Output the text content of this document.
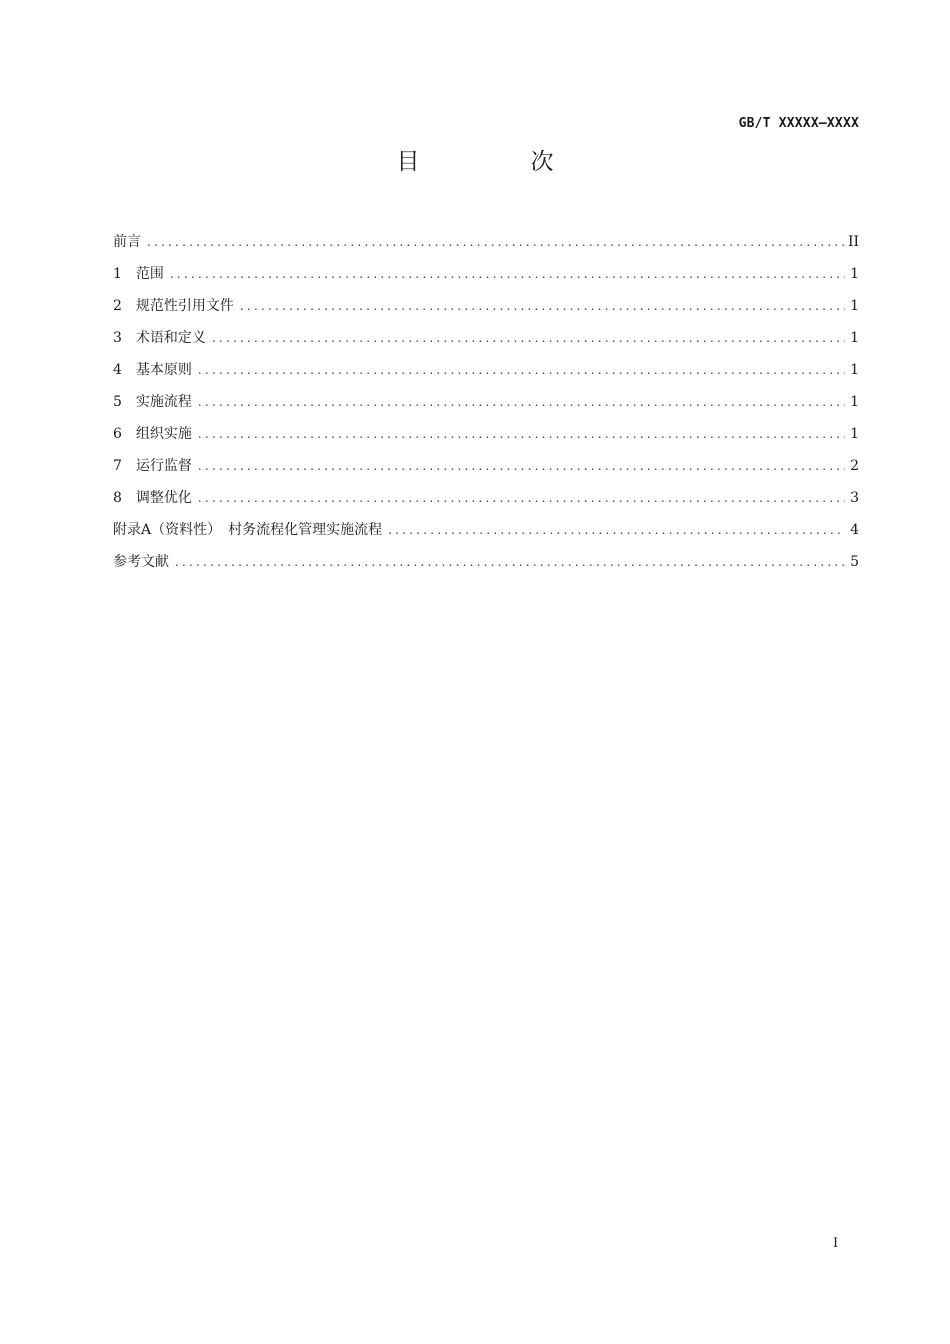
GB/T XXXXX—XXXX
目　次
前言 .....	II
1 范围 .....	1
2 规范性引用文件 .....	1
3 术语和定义 .....	1
4 基本原则 .....	1
5 实施流程 .....	1
6 组织实施 .....	1
7 运行监督 .....	2
8 调整优化 .....	3
附录A（资料性）　村务流程化管理实施流程 .....	4
参考文献 .....	5
I
